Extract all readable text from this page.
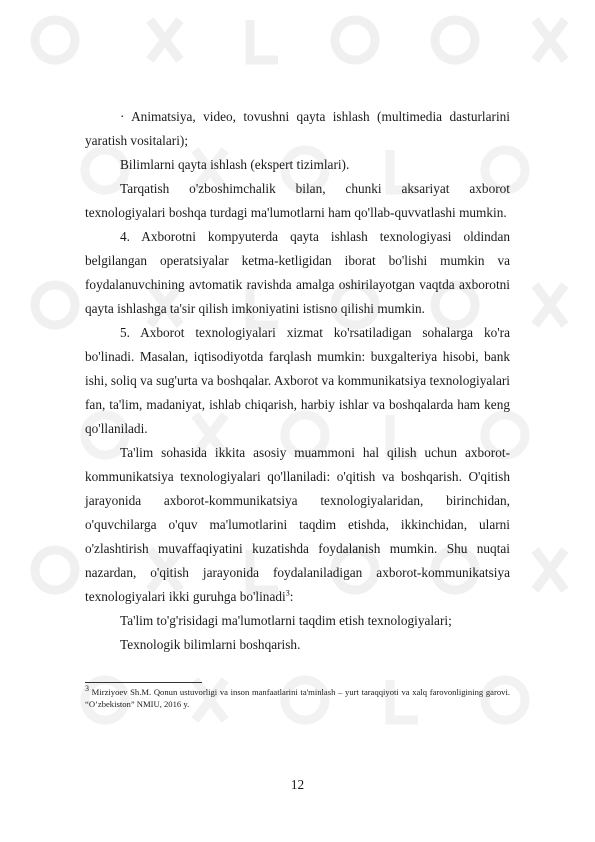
· Animatsiya, video, tovushni qayta ishlash (multimedia dasturlarini yaratish vositalari);

Bilimlarni qayta ishlash (ekspert tizimlari).

Tarqatish o'zboshimchalik bilan, chunki aksariyat axborot texnologiyalari boshqa turdagi ma'lumotlarni ham qo'llab-quvvatlashi mumkin.

4. Axborotni kompyuterda qayta ishlash texnologiyasi oldindan belgilangan operatsiyalar ketma-ketligidan iborat bo'lishi mumkin va foydalanuvchining avtomatik ravishda amalga oshirilayotgan vaqtda axborotni qayta ishlashga ta'sir qilish imkoniyatini istisno qilishi mumkin.

5. Axborot texnologiyalari xizmat ko'rsatiladigan sohalarga ko'ra bo'linadi. Masalan, iqtisodiyotda farqlash mumkin: buxgalteriya hisobi, bank ishi, soliq va sug'urta va boshqalar. Axborot va kommunikatsiya texnologiyalari fan, ta'lim, madaniyat, ishlab chiqarish, harbiy ishlar va boshqalarda ham keng qo'llaniladi.

Ta'lim sohasida ikkita asosiy muammoni hal qilish uchun axborot-kommunikatsiya texnologiyalari qo'llaniladi: o'qitish va boshqarish. O'qitish jarayonida axborot-kommunikatsiya texnologiyalaridan, birinchidan, o'quvchilarga o'quv ma'lumotlarini taqdim etishda, ikkinchidan, ularni o'zlashtirish muvaffaqiyatini kuzatishda foydalanish mumkin. Shu nuqtai nazardan, o'qitish jarayonida foydalaniladigan axborot-kommunikatsiya texnologiyalari ikki guruhga bo'linadi$^3$:

Ta'lim to'g'risidagi ma'lumotlarni taqdim etish texnologiyalari;

Texnologik bilimlarni boshqarish.

3 Mirziyoev Sh.M. Qonun ustuvorligi va inson manfaatlarini ta'minlash – yurt taraqqiyoti va xalq farovonligining garovi. “O’zbekiston” NMIU, 2016 y.
12
